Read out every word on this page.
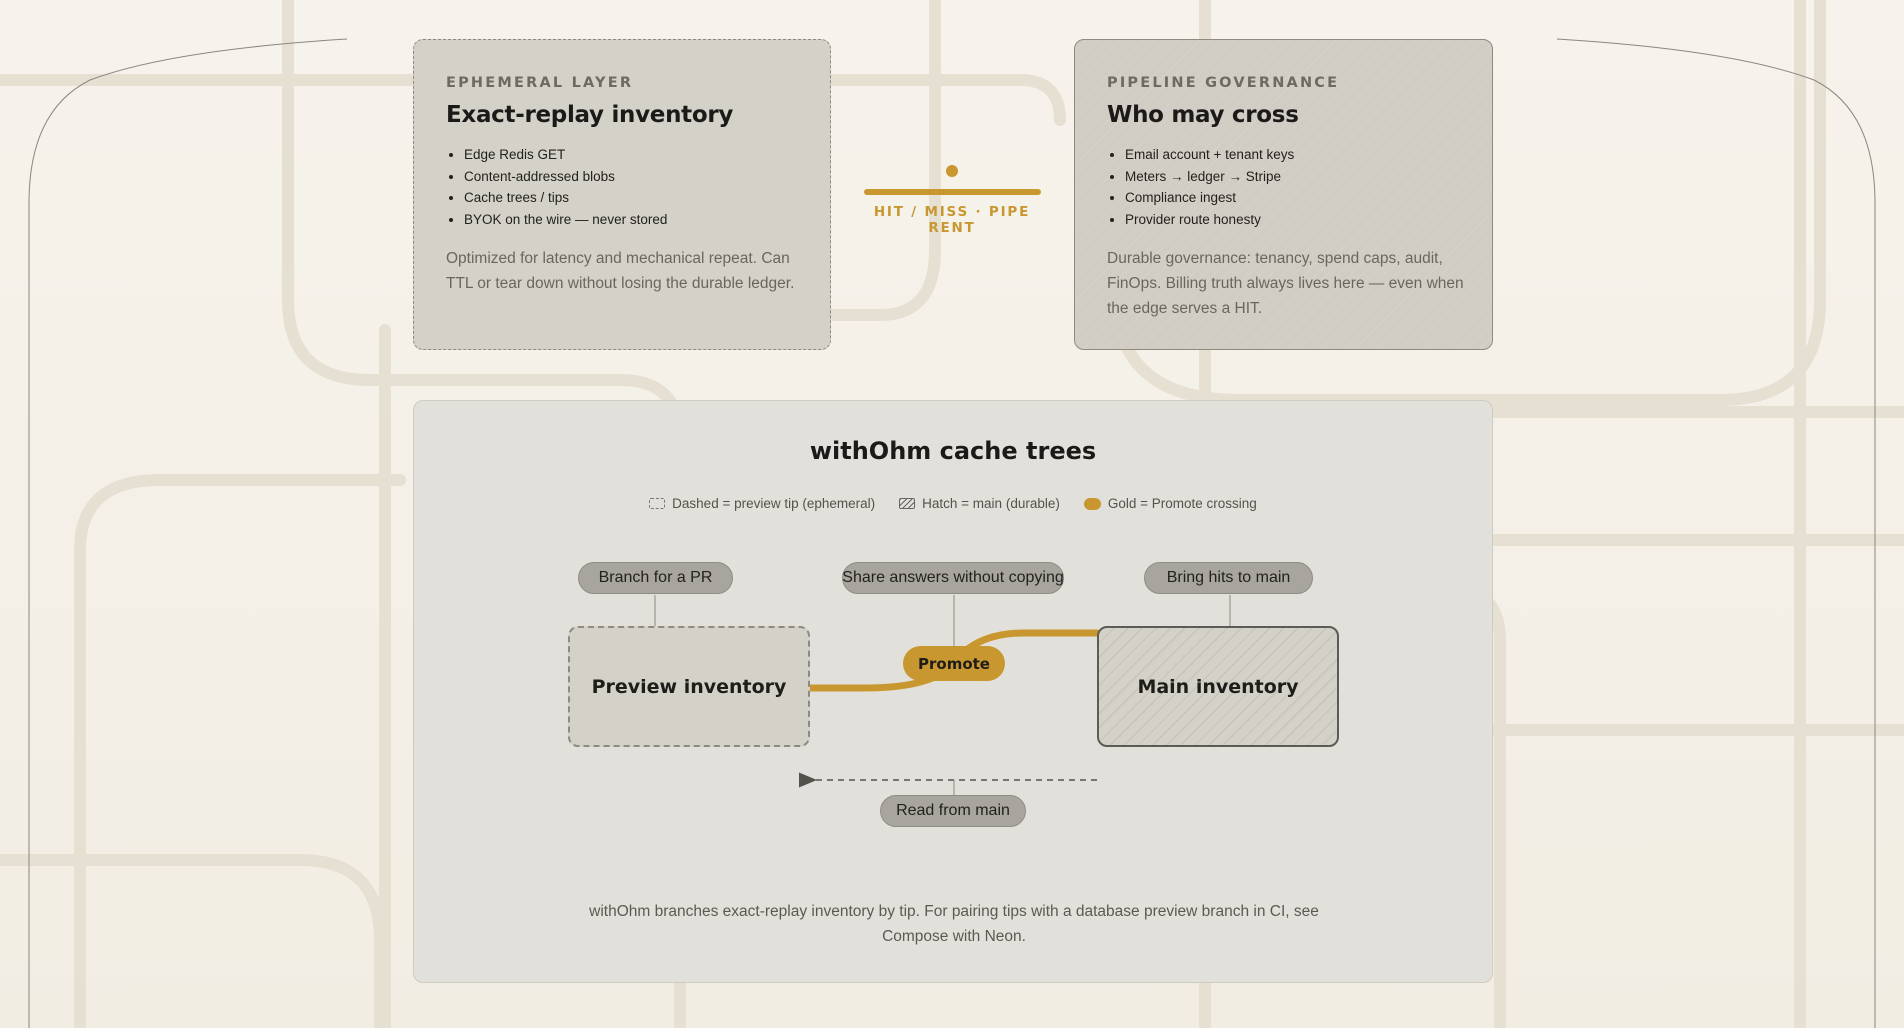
EPHEMERAL LAYER
Exact-replay inventory
• Edge Redis GET
• Content-addressed blobs
• Cache trees / tips
• BYOK on the wire — never stored
Optimized for latency and mechanical repeat. Can TTL or tear down without losing the durable ledger.
HIT / MISS · PIPE RENT
PIPELINE GOVERNANCE
Who may cross
• Email account + tenant keys
• Meters → ledger → Stripe
• Compliance ingest
• Provider route honesty
Durable governance: tenancy, spend caps, audit, FinOps. Billing truth always lives here — even when the edge serves a HIT.
withOhm cache trees
Dashed = preview tip (ephemeral)	Hatch = main (durable)	Gold = Promote crossing
Branch for a PR	Share answers without copying	Bring hits to main
Preview inventory	Main inventory
Promote
Read from main
withOhm branches exact-replay inventory by tip. For pairing tips with a database preview branch in CI, see Compose with Neon.
